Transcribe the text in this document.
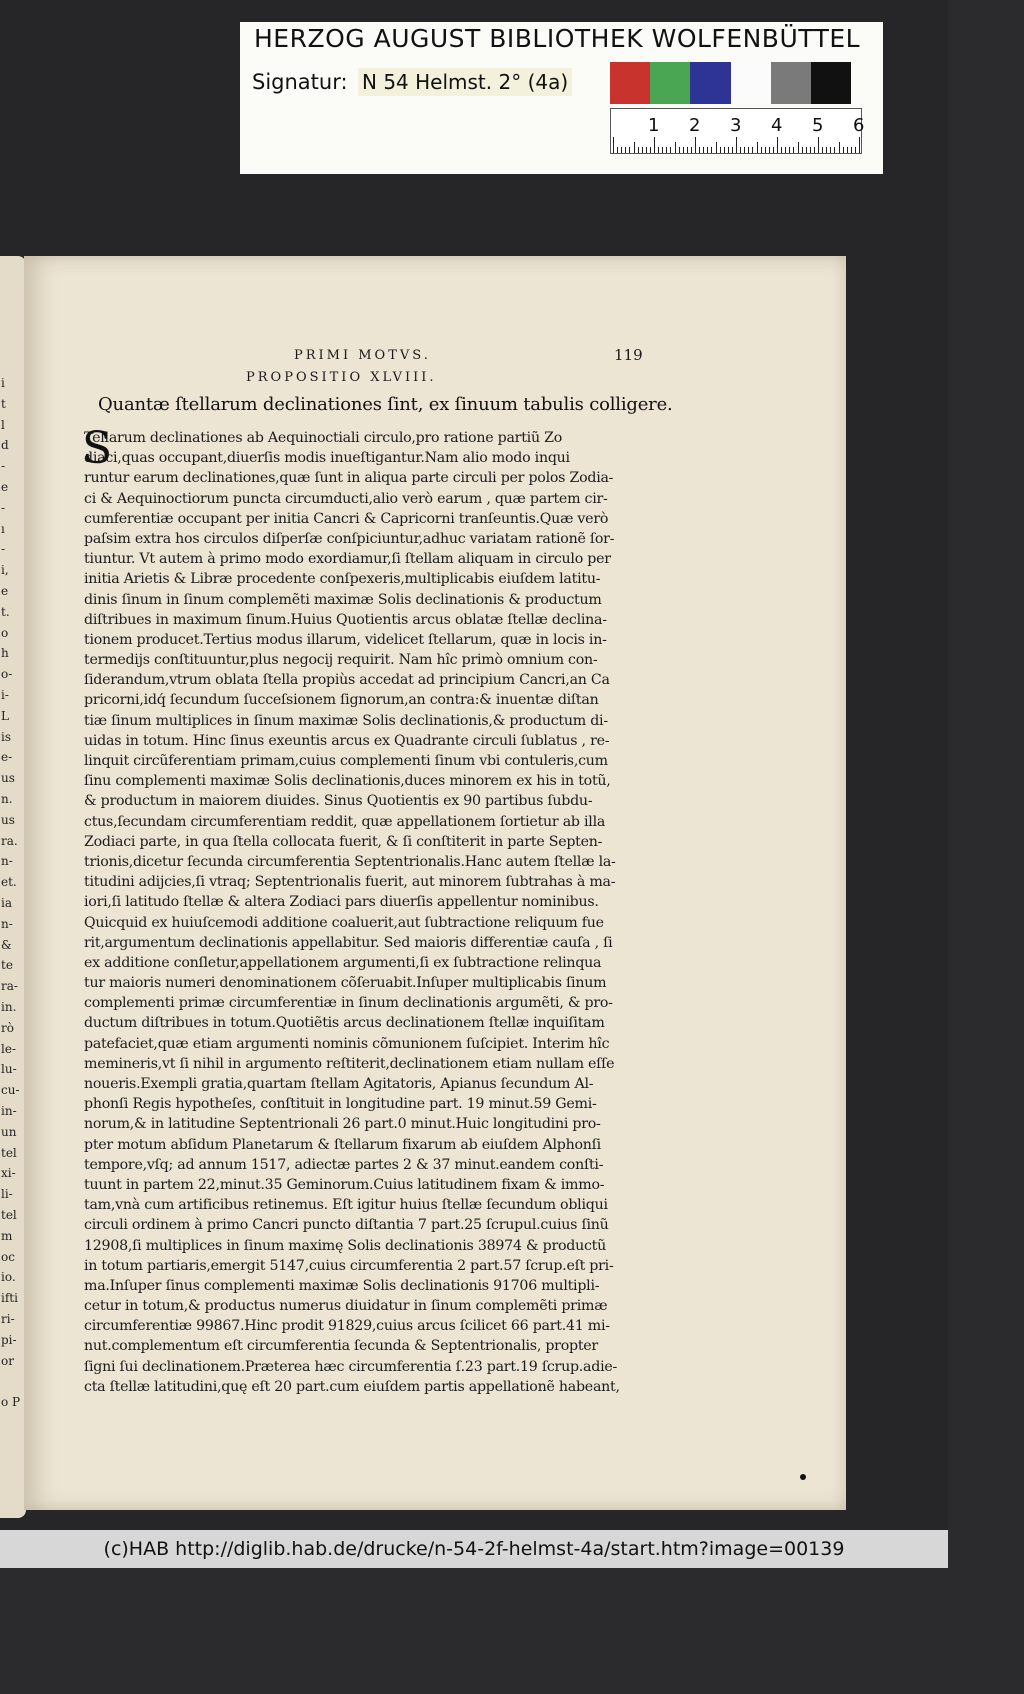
HERZOG AUGUST BIBLIOTHEK WOLFENBÜTTEL
Signatur: N 54 Helmst. 2° (4a)
1 2 3 4 5 6
i
t
l
d
-
e
-
ı
-
i,
e
t.
o
h
o-
i-
L
is
e-
us
n.
us
ra.
n-
et.
ia
n-
&
te
ra-
in.
rò
le-
lu-
cu-
in-
un
tel
xi-
li-
tel
m
oc
io.
ifti
ri-
pi-
or
o P
PRIMI MOTVS.	119
PROPOSITIO XLVIII.
Quantæ ſtellarum declinationes ſint, ex ſinuum tabulis colligere.
S
Tellarum declinationes ab Aequinoctiali circulo,pro ratione partiũ Zo
diaci,quas occupant,diuerſis modis inueſtigantur.Nam alio modo inqui
runtur earum declinationes,quæ ſunt in aliqua parte circuli per polos Zodia-
ci & Aequinoctiorum puncta circumducti,alio verò earum , quæ partem cir-
cumferentiæ occupant per initia Cancri & Capricorni tranſeuntis.Quæ verò
paſsim extra hos circulos diſperſæ conſpiciuntur,adhuc variatam rationẽ ſor-
tiuntur. Vt autem à primo modo exordiamur,ſi ſtellam aliquam in circulo per
initia Arietis & Libræ procedente conſpexeris,multiplicabis eiuſdem latitu-
dinis ſinum in ſinum complemẽti maximæ Solis declinationis & productum
diſtribues in maximum ſinum.Huius Quotientis arcus oblatæ ſtellæ declina-
tionem producet.Tertius modus illarum, videlicet ſtellarum, quæ in locis in-
termedijs conſtituuntur,plus negocij requirit. Nam hîc primò omnium con-
ſiderandum,vtrum oblata ſtella propiùs accedat ad principium Cancri,an Ca
pricorni,idq́ ſecundum ſucceſsionem ſignorum,an contra:& inuentæ diſtan
tiæ ſinum multiplices in ſinum maximæ Solis declinationis,& productum di-
uidas in totum. Hinc ſinus exeuntis arcus ex Quadrante circuli ſublatus , re-
linquit circũferentiam primam,cuius complementi ſinum vbi contuleris,cum
ſinu complementi maximæ Solis declinationis,duces minorem ex his in totũ,
& productum in maiorem diuides. Sinus Quotientis ex 90 partibus ſubdu-
ctus,ſecundam circumferentiam reddit, quæ appellationem ſortietur ab illa
Zodiaci parte, in qua ſtella collocata fuerit, & ſi conſtiterit in parte Septen-
trionis,dicetur ſecunda circumferentia Septentrionalis.Hanc autem ſtellæ la-
titudini adijcies,ſi vtraq; Septentrionalis fuerit, aut minorem ſubtrahas à ma-
iori,ſi latitudo ſtellæ & altera Zodiaci pars diuerſis appellentur nominibus.
Quicquid ex huiuſcemodi additione coaluerit,aut ſubtractione reliquum fue
rit,argumentum declinationis appellabitur. Sed maioris differentiæ cauſa , ſi
ex additione conſletur,appellationem argumenti,ſi ex ſubtractione relinqua
tur maioris numeri denominationem cõſeruabit.Inſuper multiplicabis ſinum
complementi primæ circumferentiæ in ſinum declinationis argumẽti, & pro-
ductum diſtribues in totum.Quotiẽtis arcus declinationem ſtellæ inquiſitam
patefaciet,quæ etiam argumenti nominis cõmunionem ſuſcipiet. Interim hîc
memineris,vt ſi nihil in argumento reſtiterit,declinationem etiam nullam eſſe
noueris.Exempli gratia,quartam ſtellam Agitatoris, Apianus ſecundum Al-
phonſi Regis hypotheſes, conſtituit in longitudine part. 19 minut.59 Gemi-
norum,& in latitudine Septentrionali 26 part.0 minut.Huic longitudini pro-
pter motum abſidum Planetarum & ſtellarum fixarum ab eiuſdem Alphonſi
tempore,vſq; ad annum 1517, adiectæ partes 2 & 37 minut.eandem conſti-
tuunt in partem 22,minut.35 Geminorum.Cuius latitudinem fixam & immo-
tam,vnà cum artificibus retinemus. Eſt igitur huius ſtellæ ſecundum obliqui
circuli ordinem à primo Cancri puncto diſtantia 7 part.25 ſcrupul.cuius ſinũ
12908,ſi multiplices in ſinum maximę Solis declinationis 38974 & productũ
in totum partiaris,emergit 5147,cuius circumferentia 2 part.57 ſcrup.eſt pri-
ma.Inſuper ſinus complementi maximæ Solis declinationis 91706 multipli-
cetur in totum,& productus numerus diuidatur in ſinum complemẽti primæ
circumferentiæ 99867.Hinc prodit 91829,cuius arcus ſcilicet 66 part.41 mi-
nut.complementum eſt circumferentia ſecunda & Septentrionalis, propter
ſigni ſui declinationem.Præterea hæc circumferentia ſ.23 part.19 ſcrup.adie-
cta ſtellæ latitudini,quę eſt 20 part.cum eiuſdem partis appellationẽ habeant,
(c)HAB http://diglib.hab.de/drucke/n-54-2f-helmst-4a/start.htm?image=00139
